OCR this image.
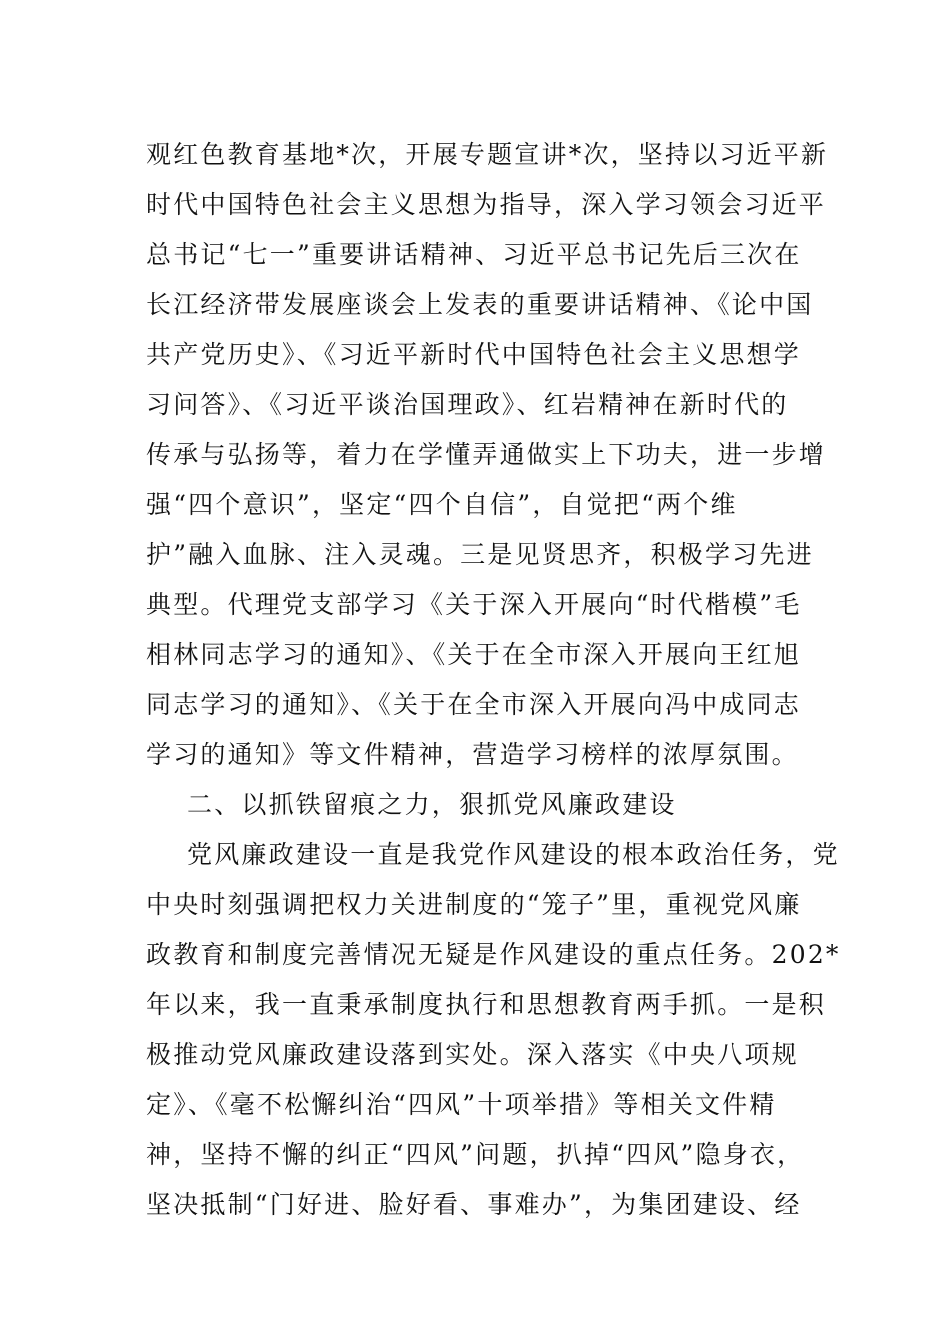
观红色教育基地*次，开展专题宣讲*次，坚持以习近平新
时代中国特色社会主义思想为指导，深入学习领会习近平
总书记“七一”重要讲话精神、习近平总书记先后三次在
长江经济带发展座谈会上发表的重要讲话精神、《论中国
共产党历史》、《习近平新时代中国特色社会主义思想学
习问答》、《习近平谈治国理政》、红岩精神在新时代的
传承与弘扬等，着力在学懂弄通做实上下功夫，进一步增
强“四个意识”，坚定“四个自信”，自觉把“两个维
护”融入血脉、注入灵魂。三是见贤思齐，积极学习先进
典型。代理党支部学习《关于深入开展向“时代楷模”毛
相林同志学习的通知》、《关于在全市深入开展向王红旭
同志学习的通知》、《关于在全市深入开展向冯中成同志
学习的通知》等文件精神，营造学习榜样的浓厚氛围。
二、以抓铁留痕之力，狠抓党风廉政建设
党风廉政建设一直是我党作风建设的根本政治任务，党
中央时刻强调把权力关进制度的“笼子”里，重视党风廉
政教育和制度完善情况无疑是作风建设的重点任务。202*
年以来，我一直秉承制度执行和思想教育两手抓。一是积
极推动党风廉政建设落到实处。深入落实《中央八项规
定》、《毫不松懈纠治“四风”十项举措》等相关文件精
神，坚持不懈的纠正“四风”问题，扒掉“四风”隐身衣，
坚决抵制“门好进、脸好看、事难办”，为集团建设、经
